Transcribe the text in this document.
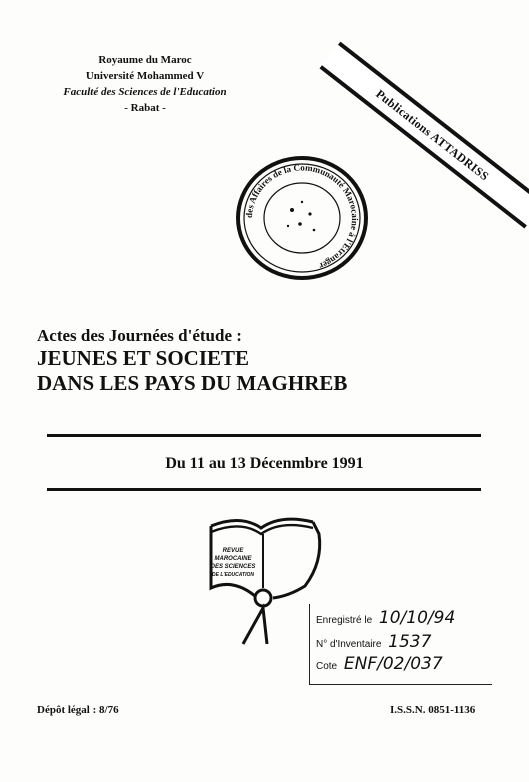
Publications ATTADRISS
Royaume du Maroc
Université Mohammed V
Faculté des Sciences de l'Education
- Rabat -
des Affaires de la Communauté Marocaine à l'Etranger
Actes des Journées d'étude :
JEUNES ET SOCIETE
DANS LES PAYS DU MAGHREB
Du 11 au 13 Décenmbre 1991
REVUE
MAROCAINE
DES SCIENCES
DE L'EDUCATION
Enregistré le 10/10/94
N° d'Inventaire 1537
Cote ENF/02/037
Dépôt légal : 8/76	I.S.S.N. 0851-1136
